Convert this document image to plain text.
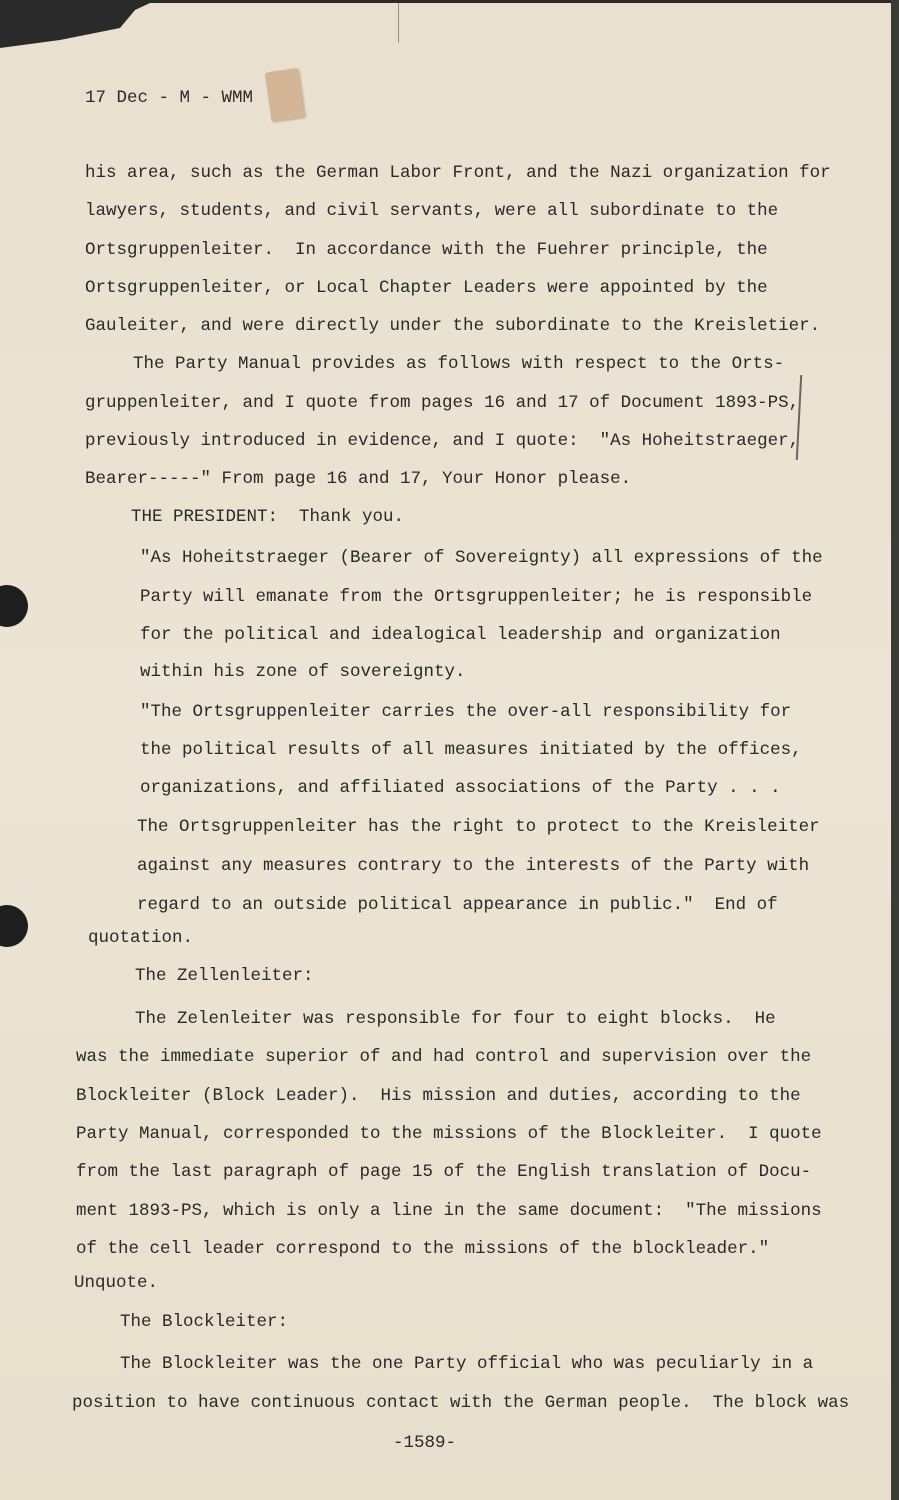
17 Dec - M - WMM
his area, such as the German Labor Front, and the Nazi organization for
lawyers, students, and civil servants, were all subordinate to the
Ortsgruppenleiter.  In accordance with the Fuehrer principle, the
Ortsgruppenleiter, or Local Chapter Leaders were appointed by the
Gauleiter, and were directly under the subordinate to the Kreisletier.
The Party Manual provides as follows with respect to the Orts-
gruppenleiter, and I quote from pages 16 and 17 of Document 1893-PS,
previously introduced in evidence, and I quote:  "As Hoheitstraeger,
Bearer-----" From page 16 and 17, Your Honor please.
THE PRESIDENT:  Thank you.
"As Hoheitstraeger (Bearer of Sovereignty) all expressions of the
Party will emanate from the Ortsgruppenleiter; he is responsible
for the political and idealogical leadership and organization
within his zone of sovereignty.
"The Ortsgruppenleiter carries the over-all responsibility for
the political results of all measures initiated by the offices,
organizations, and affiliated associations of the Party . . .
The Ortsgruppenleiter has the right to protect to the Kreisleiter
against any measures contrary to the interests of the Party with
regard to an outside political appearance in public."  End of
quotation.
The Zellenleiter:
The Zelenleiter was responsible for four to eight blocks.  He
was the immediate superior of and had control and supervision over the
Blockleiter (Block Leader).  His mission and duties, according to the
Party Manual, corresponded to the missions of the Blockleiter.  I quote
from the last paragraph of page 15 of the English translation of Docu-
ment 1893-PS, which is only a line in the same document:  "The missions
of the cell leader correspond to the missions of the blockleader."
Unquote.
The Blockleiter:
The Blockleiter was the one Party official who was peculiarly in a
position to have continuous contact with the German people.  The block was
-1589-
